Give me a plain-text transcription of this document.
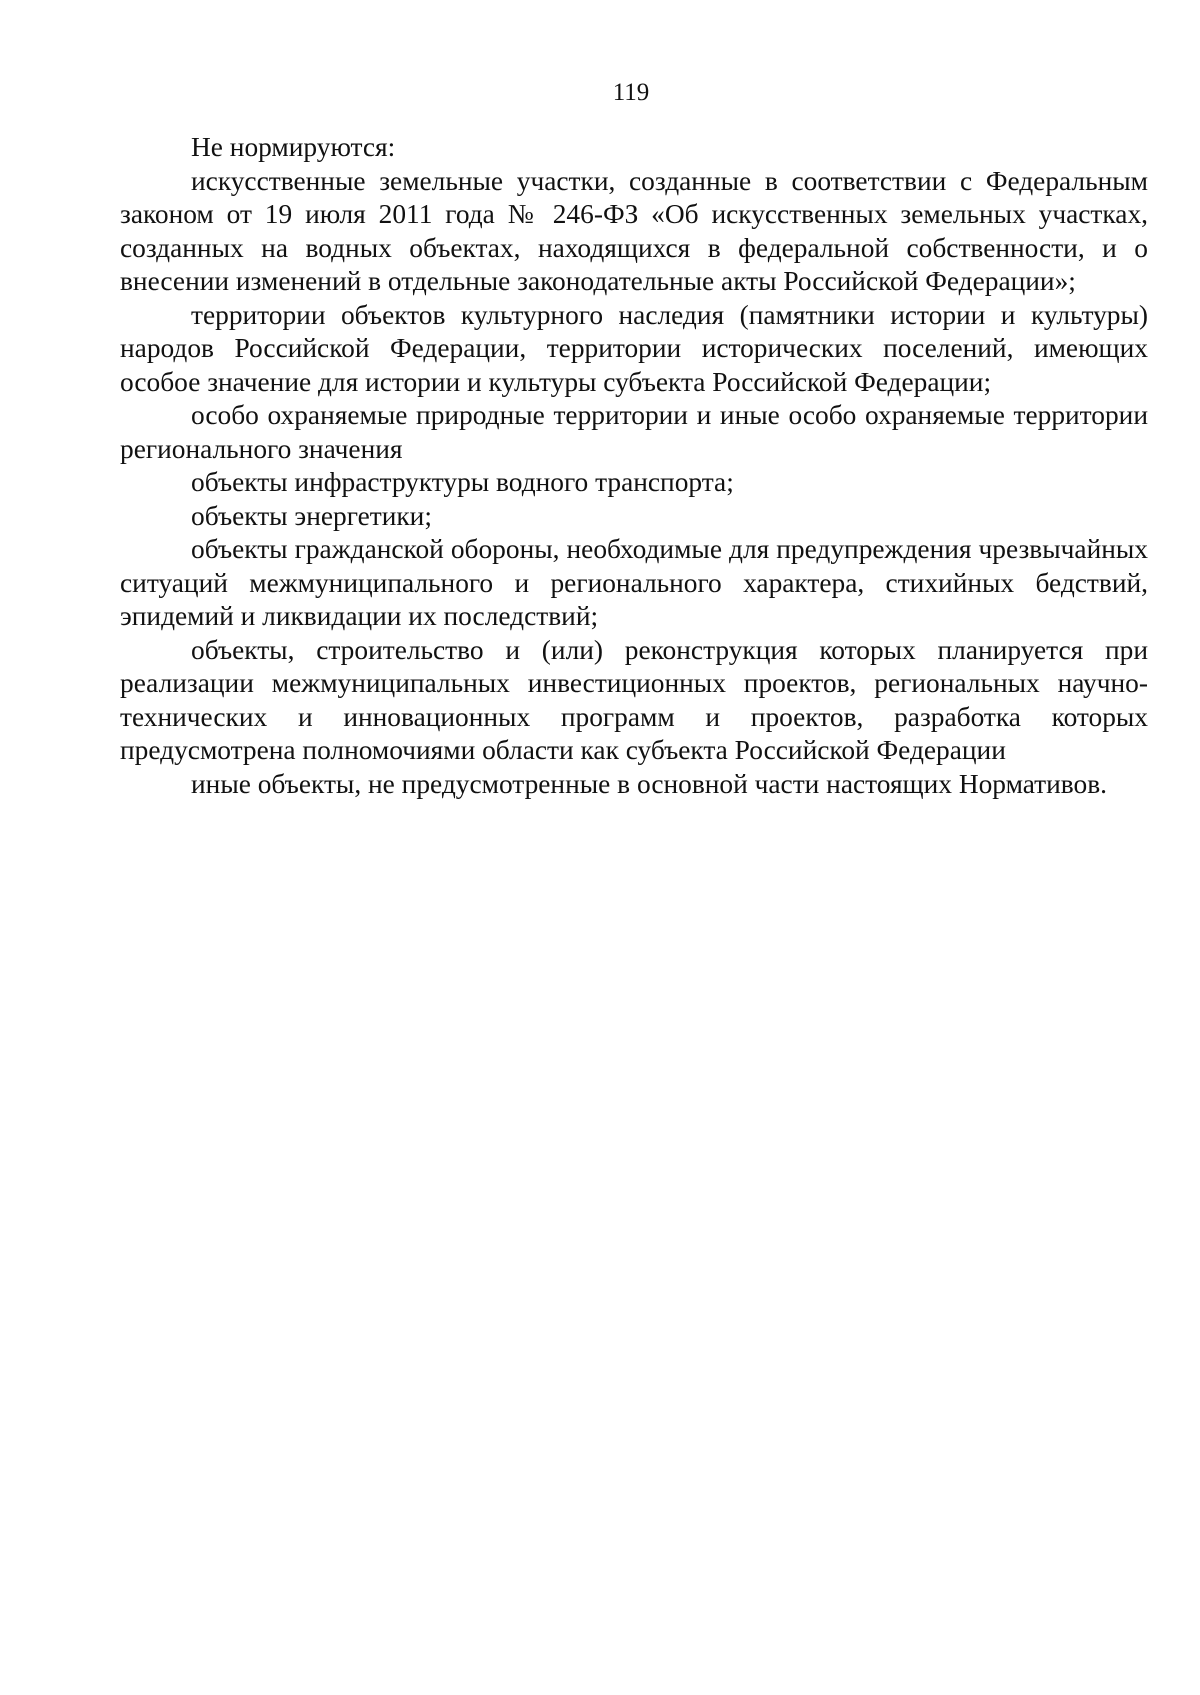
119

Не нормируются:

искусственные земельные участки, созданные в соответствии с Федеральным законом от 19 июля 2011 года № 246-ФЗ «Об искусственных земельных участках, созданных на водных объектах, находящихся в федеральной собственности, и о внесении изменений в отдельные законодательные акты Российской Федерации»;

территории объектов культурного наследия (памятники истории и культуры) народов Российской Федерации, территории исторических поселений, имеющих особое значение для истории и культуры субъекта Российской Федерации;

особо охраняемые природные территории и иные особо охраняемые территории регионального значения

объекты инфраструктуры водного транспорта;

объекты энергетики;

объекты гражданской обороны, необходимые для предупреждения чрезвычайных ситуаций межмуниципального и регионального характера, стихийных бедствий, эпидемий и ликвидации их последствий;

объекты, строительство и (или) реконструкция которых планируется при реализации межмуниципальных инвестиционных проектов, региональных научно-технических и инновационных программ и проектов, разработка которых предусмотрена полномочиями области как субъекта Российской Федерации

иные объекты, не предусмотренные в основной части настоящих Нормативов.
